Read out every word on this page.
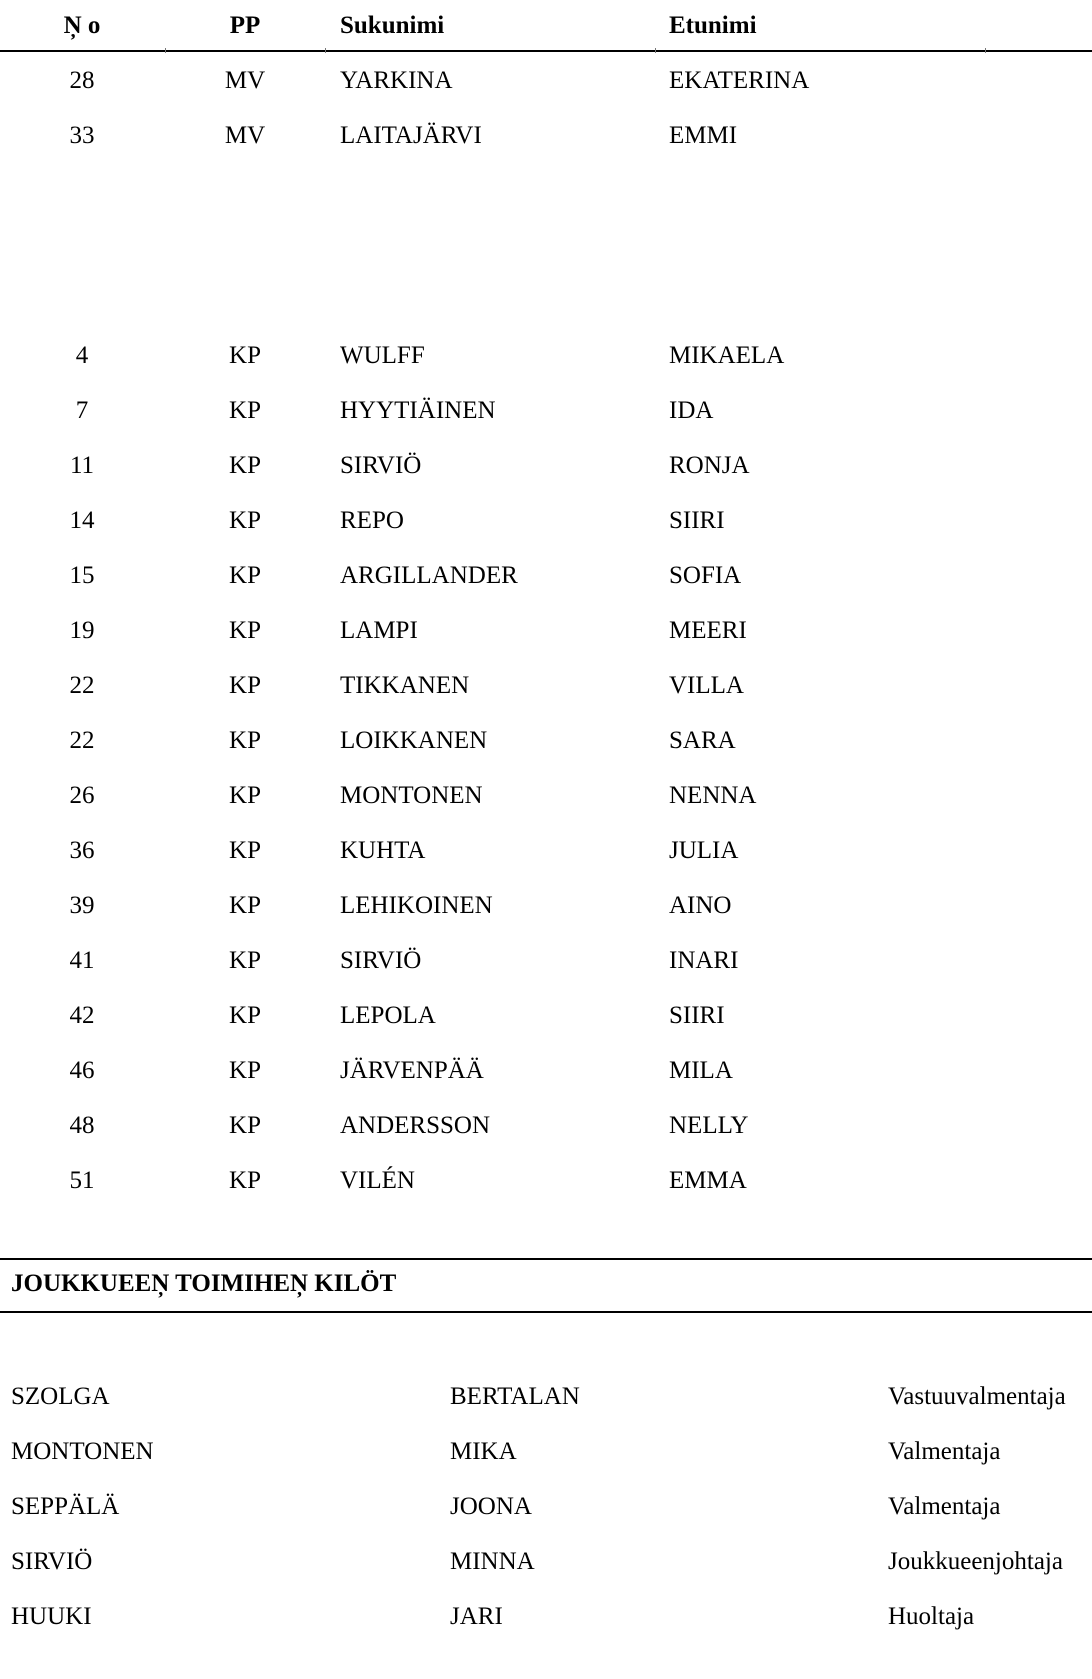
Ņ o	PP	Sukunimi	Etunimi
28	MV	YARKINA	EKATERINA
33	MV	LAITAJÄRVI	EMMI
4	KP	WULFF	MIKAELA
7	KP	HYYTIÄINEN	IDA
11	KP	SIRVIÖ	RONJA
14	KP	REPO	SIIRI
15	KP	ARGILLANDER	SOFIA
19	KP	LAMPI	MEERI
22	KP	TIKKANEN	VILLA
22	KP	LOIKKANEN	SARA
26	KP	MONTONEN	NENNA
36	KP	KUHTA	JULIA
39	KP	LEHIKOINEN	AINO
41	KP	SIRVIÖ	INARI
42	KP	LEPOLA	SIIRI
46	KP	JÄRVENPÄÄ	MILA
48	KP	ANDERSSON	NELLY
51	KP	VILÉN	EMMA
JOUKKUEEŅ TOIMIHEŅ KILÖT
SZOLGA	BERTALAN	Vastuuvalmentaja
MONTONEN	MIKA	Valmentaja
SEPPÄLÄ	JOONA	Valmentaja
SIRVIÖ	MINNA	Joukkueenjohtaja
HUUKI	JARI	Huoltaja
